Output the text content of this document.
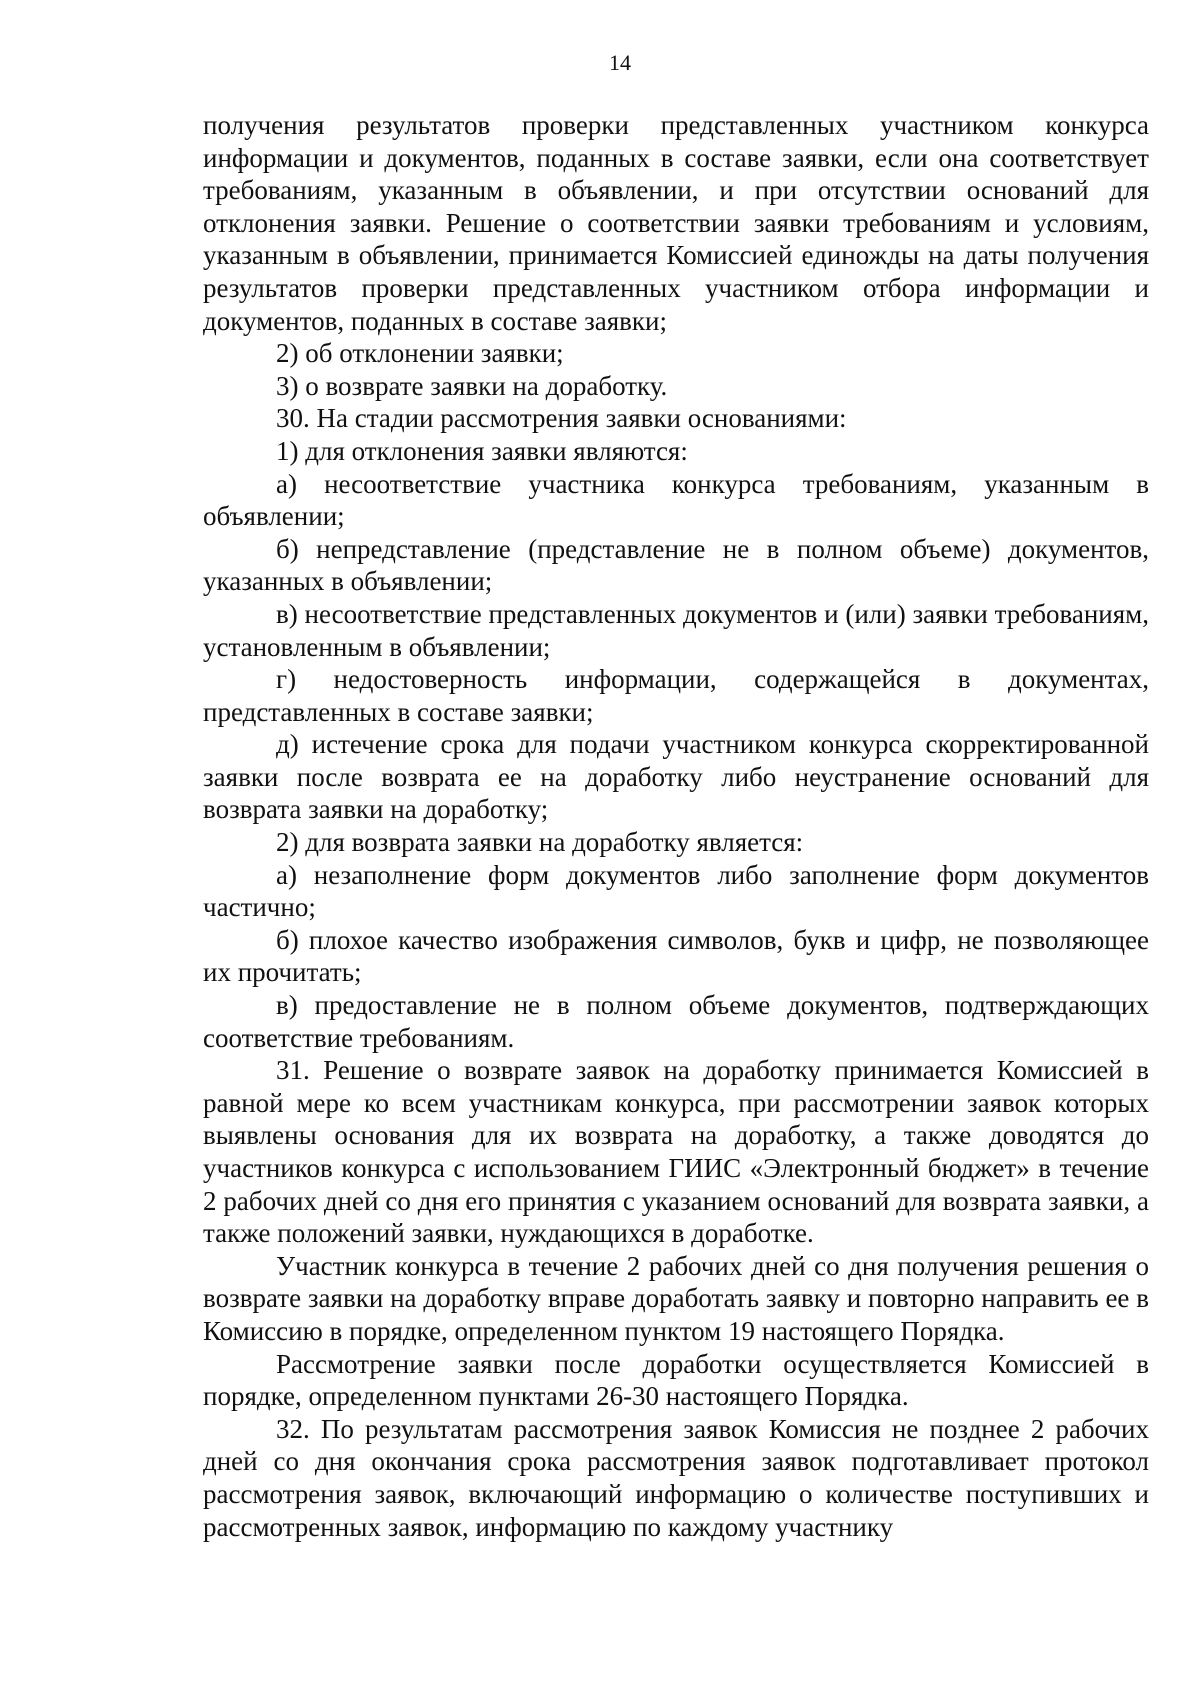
14

получения результатов проверки представленных участником конкурса информации и документов, поданных в составе заявки, если она соответствует требованиям, указанным в объявлении, и при отсутствии оснований для отклонения заявки. Решение о соответствии заявки требованиям и условиям, указанным в объявлении, принимается Комиссией единожды на даты получения результатов проверки представленных участником отбора информации и документов, поданных в составе заявки;

2) об отклонении заявки;

3) о возврате заявки на доработку.

30. На стадии рассмотрения заявки основаниями:

1) для отклонения заявки являются:

а) несоответствие участника конкурса требованиям, указанным в объявлении;

б) непредставление (представление не в полном объеме) документов, указанных в объявлении;

в) несоответствие представленных документов и (или) заявки требованиям, установленным в объявлении;

г) недостоверность информации, содержащейся в документах, представленных в составе заявки;

д) истечение срока для подачи участником конкурса скорректированной заявки после возврата ее на доработку либо неустранение оснований для возврата заявки на доработку;

2) для возврата заявки на доработку является:

а) незаполнение форм документов либо заполнение форм документов частично;

б) плохое качество изображения символов, букв и цифр, не позволяющее их прочитать;

в) предоставление не в полном объеме документов, подтверждающих соответствие требованиям.

31. Решение о возврате заявок на доработку принимается Комиссией в равной мере ко всем участникам конкурса, при рассмотрении заявок которых выявлены основания для их возврата на доработку, а также доводятся до участников конкурса с использованием ГИИС «Электронный бюджет» в течение 2 рабочих дней со дня его принятия с указанием оснований для возврата заявки, а также положений заявки, нуждающихся в доработке.

Участник конкурса в течение 2 рабочих дней со дня получения решения о возврате заявки на доработку вправе доработать заявку и повторно направить ее в Комиссию в порядке, определенном пунктом 19 настоящего Порядка.

Рассмотрение заявки после доработки осуществляется Комиссией в порядке, определенном пунктами 26-30 настоящего Порядка.

32. По результатам рассмотрения заявок Комиссия не позднее 2 рабочих дней со дня окончания срока рассмотрения заявок подготавливает протокол рассмотрения заявок, включающий информацию о количестве поступивших и рассмотренных заявок, информацию по каждому участнику
